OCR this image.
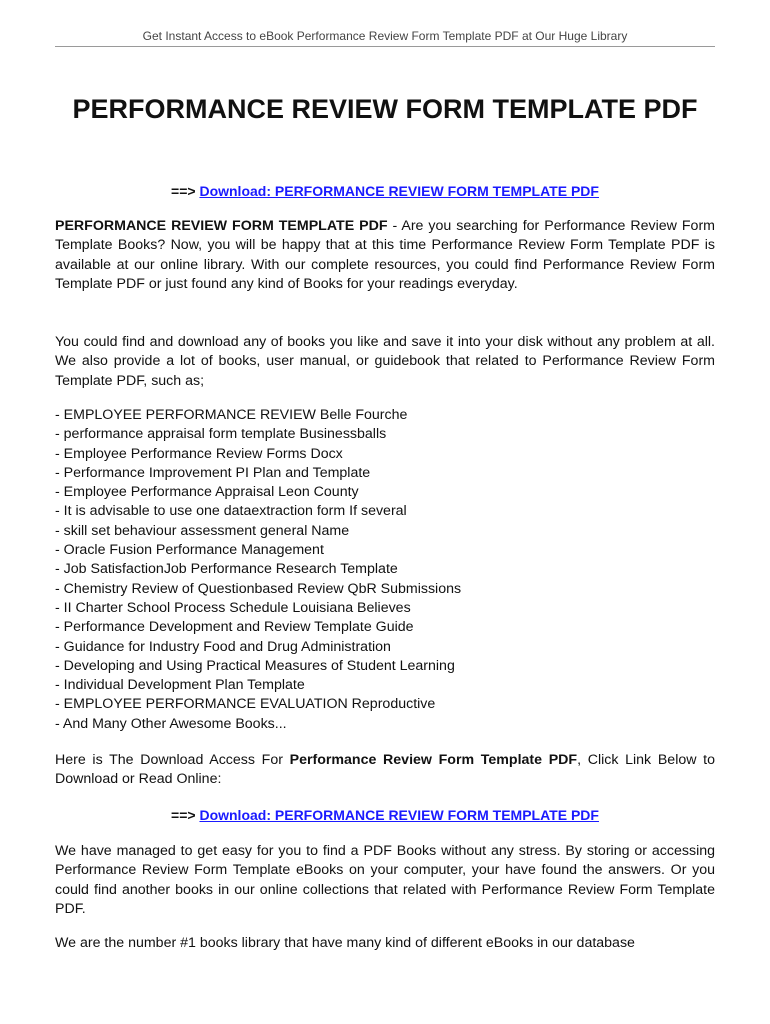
Get Instant Access to eBook Performance Review Form Template PDF at Our Huge Library
PERFORMANCE REVIEW FORM TEMPLATE PDF
==> Download: PERFORMANCE REVIEW FORM TEMPLATE PDF

PERFORMANCE REVIEW FORM TEMPLATE PDF - Are you searching for Performance Review Form Template Books? Now, you will be happy that at this time Performance Review Form Template PDF is available at our online library. With our complete resources, you could find Performance Review Form Template PDF or just found any kind of Books for your readings everyday.

You could find and download any of books you like and save it into your disk without any problem at all. We also provide a lot of books, user manual, or guidebook that related to Performance Review Form Template PDF, such as;

- EMPLOYEE PERFORMANCE REVIEW Belle Fourche
- performance appraisal form template Businessballs
- Employee Performance Review Forms Docx
- Performance Improvement PI Plan and Template
- Employee Performance Appraisal Leon County
- It is advisable to use one dataextraction form If several
- skill set behaviour assessment general Name
- Oracle Fusion Performance Management
- Job SatisfactionJob Performance Research Template
- Chemistry Review of Questionbased Review QbR Submissions
- II Charter School Process Schedule Louisiana Believes
- Performance Development and Review Template Guide
- Guidance for Industry Food and Drug Administration
- Developing and Using Practical Measures of Student Learning
- Individual Development Plan Template
- EMPLOYEE PERFORMANCE EVALUATION Reproductive
- And Many Other Awesome Books...

Here is The Download Access For Performance Review Form Template PDF, Click Link Below to Download or Read Online:

==> Download: PERFORMANCE REVIEW FORM TEMPLATE PDF

We have managed to get easy for you to find a PDF Books without any stress. By storing or accessing Performance Review Form Template eBooks on your computer, your have found the answers. Or you could find another books in our online collections that related with Performance Review Form Template PDF.

We are the number #1 books library that have many kind of different eBooks in our database
